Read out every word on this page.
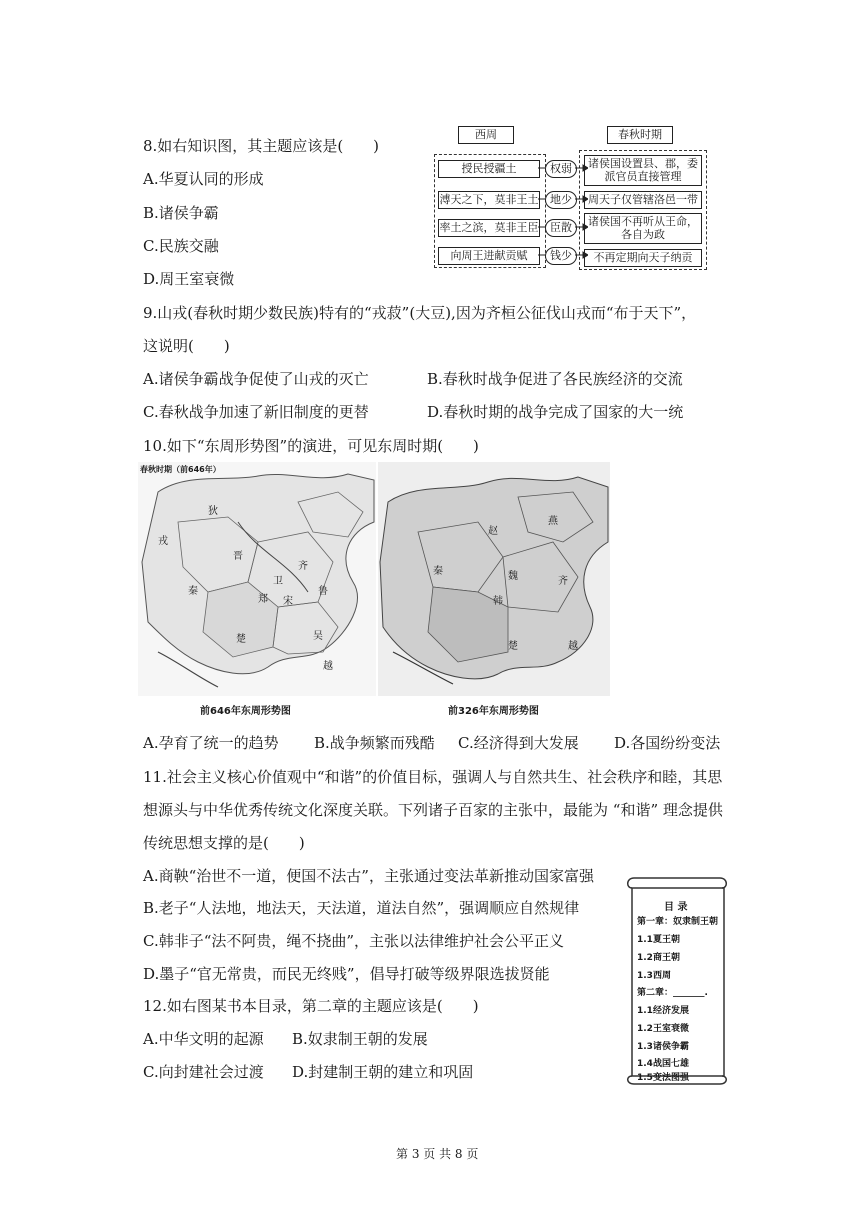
8.如右知识图，其主题应该是(　　)
A.华夏认同的形成
B.诸侯争霸
C.民族交融
D.周王室衰微
西周	春秋时期
授民授疆土	权弱	诸侯国设置县、郡，委派官员直接管理
溥天之下，莫非王土	地少	周天子仅管辖洛邑一带
率土之滨，莫非王臣	臣散	诸侯国不再听从王命，各自为政
向周王进献贡赋	钱少	不再定期向天子纳贡
9.山戎(春秋时期少数民族)特有的“戎菽”(大豆),因为齐桓公征伐山戎而“布于天下”，
这说明(　　)
A.诸侯争霸战争促使了山戎的灭亡	B.春秋时战争促进了各民族经济的交流
C.春秋战争加速了新旧制度的更替	D.春秋时期的战争完成了国家的大一统
10.如下“东周形势图”的演进，可见东周时期(　　)
春秋时期（前646年）
戎
狄
齐
晋
秦
楚	吴
越
宋
郑
卫
鲁
燕
赵
齐
魏
韩
秦
楚	越
前646年东周形势图	前326年东周形势图
A.孕育了统一的趋势 B.战争频繁而残酷 C.经济得到大发展 D.各国纷纷变法
11.社会主义核心价值观中“和谐”的价值目标，强调人与自然共生、社会秩序和睦，其思
想源头与中华优秀传统文化深度关联。下列诸子百家的主张中，最能为 “和谐” 理念提供
传统思想支撑的是(　　)
A.商鞅“治世不一道，便国不法古”，主张通过变法革新推动国家富强
B.老子“人法地，地法天，天法道，道法自然”，强调顺应自然规律
C.韩非子“法不阿贵，绳不挠曲”，主张以法律维护社会公平正义
D.墨子“官无常贵，而民无终贱”，倡导打破等级界限选拔贤能
目 录
第一章：奴隶制王朝
1.1夏王朝
1.2商王朝
1.3西周
第二章：_______.
1.1经济发展
1.2王室衰微
1.3诸侯争霸
1.4战国七雄
1.5变法图强
12.如右图某书本目录，第二章的主题应该是(　　)
A.中华文明的起源 B.奴隶制王朝的发展
C.向封建社会过渡 D.封建制王朝的建立和巩固
第 3 页 共 8 页
